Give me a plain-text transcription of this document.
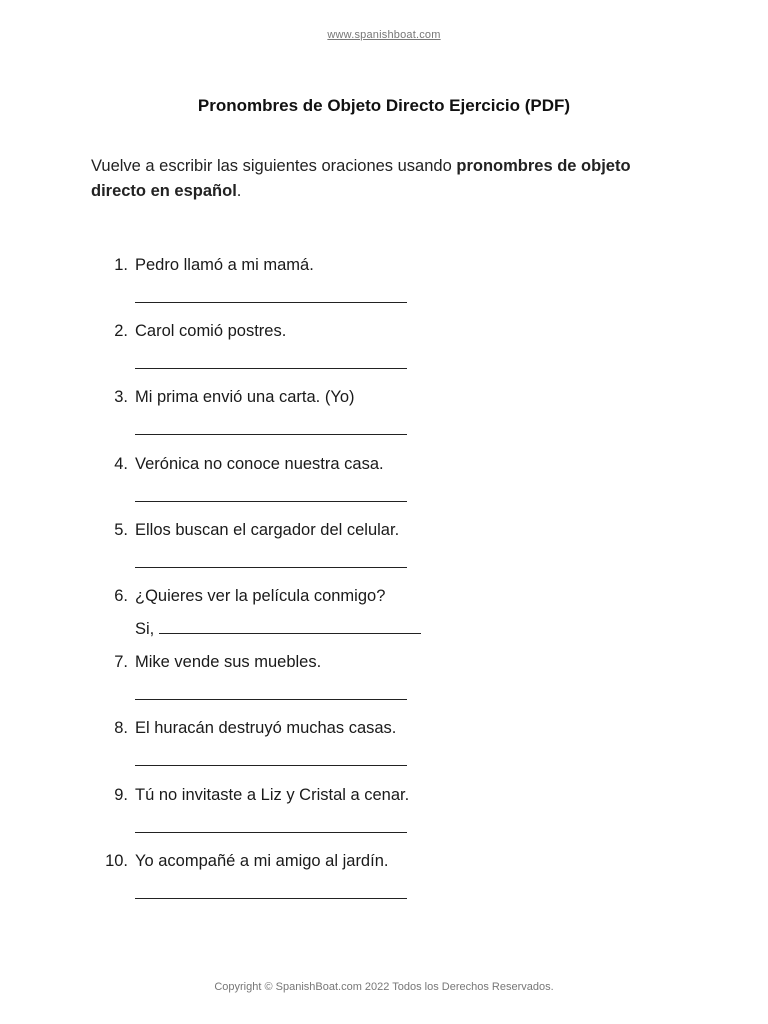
www.spanishboat.com
Pronombres de Objeto Directo Ejercicio (PDF)
Vuelve a escribir las siguientes oraciones usando pronombres de objeto directo en español.
1. Pedro llamó a mi mamá.
2. Carol comió postres.
3. Mi prima envió una carta. (Yo)
4. Verónica no conoce nuestra casa.
5. Ellos buscan el cargador del celular.
6. ¿Quieres ver la película conmigo?
Si,
7. Mike vende sus muebles.
8. El huracán destruyó muchas casas.
9. Tú no invitaste a Liz y Cristal a cenar.
10. Yo acompañé a mi amigo al jardín.
Copyright © SpanishBoat.com 2022 Todos los Derechos Reservados.
